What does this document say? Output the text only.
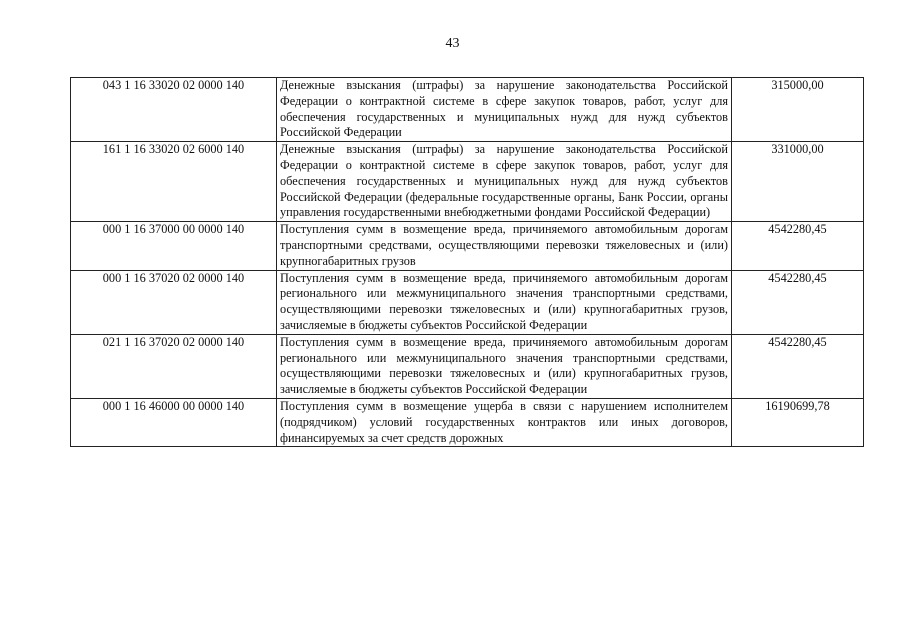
43
043 1 16 33020 02 0000 140	Денежные взыскания (штрафы) за нарушение законодательства Российской Федерации о контрактной системе в сфере закупок товаров, работ, услуг для обеспечения государственных и муниципальных нужд для нужд субъектов Российской Федерации	315000,00
161 1 16 33020 02 6000 140	Денежные взыскания (штрафы) за нарушение законодательства Российской Федерации о контрактной системе в сфере закупок товаров, работ, услуг для обеспечения государственных и муниципальных нужд для нужд субъектов Российской Федерации (федеральные государственные органы, Банк России, органы управления государственными внебюджетными фондами Российской Федерации)	331000,00
000 1 16 37000 00 0000 140	Поступления сумм в возмещение вреда, причиняемого автомобильным дорогам транспортными средствами, осуществляющими перевозки тяжеловесных и (или) крупногабаритных грузов	4542280,45
000 1 16 37020 02 0000 140	Поступления сумм в возмещение вреда, причиняемого автомобильным дорогам регионального или межмуниципального значения транспортными средствами, осуществляющими перевозки тяжеловесных и (или) крупногабаритных грузов, зачисляемые в бюджеты субъектов Российской Федерации	4542280,45
021 1 16 37020 02 0000 140	Поступления сумм в возмещение вреда, причиняемого автомобильным дорогам регионального или межмуниципального значения транспортными средствами, осуществляющими перевозки тяжеловесных и (или) крупногабаритных грузов, зачисляемые в бюджеты субъектов Российской Федерации	4542280,45
000 1 16 46000 00 0000 140	Поступления сумм в возмещение ущерба в связи с нарушением исполнителем (подрядчиком) условий государственных контрактов или иных договоров, финансируемых за счет средств дорожных	16190699,78
